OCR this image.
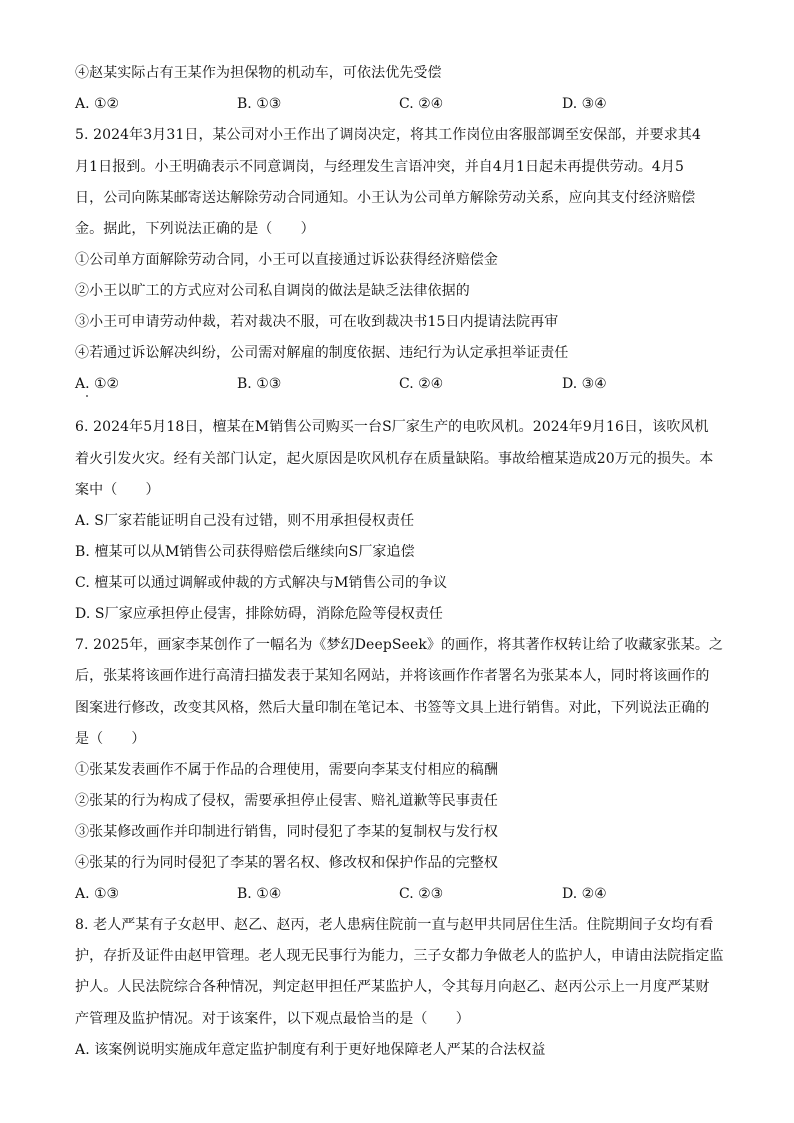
④赵某实际占有王某作为担保物的机动车，可依法优先受偿
A. ①②	B. ①③	C. ②④	D. ③④
5. 2024年3月31日，某公司对小王作出了调岗决定，将其工作岗位由客服部调至安保部，并要求其4
月1日报到。小王明确表示不同意调岗，与经理发生言语冲突，并自4月1日起未再提供劳动。4月5
日，公司向陈某邮寄送达解除劳动合同通知。小王认为公司单方解除劳动关系，应向其支付经济赔偿
金。据此，下列说法正确的是（　　）
①公司单方面解除劳动合同，小王可以直接通过诉讼获得经济赔偿金
②小王以旷工的方式应对公司私自调岗的做法是缺乏法律依据的
③小王可申请劳动仲裁，若对裁决不服，可在收到裁决书15日内提请法院再审
④若通过诉讼解决纠纷，公司需对解雇的制度依据、违纪行为认定承担举证责任
A. ①②	B. ①③	C. ②④	D. ③④
6. 2024年5月18日，檀某在M销售公司购买一台S厂家生产的电吹风机。2024年9月16日，该吹风机
着火引发火灾。经有关部门认定，起火原因是吹风机存在质量缺陷。事故给檀某造成20万元的损失。本
案中（　　）
A. S厂家若能证明自己没有过错，则不用承担侵权责任
B. 檀某可以从M销售公司获得赔偿后继续向S厂家追偿
C. 檀某可以通过调解或仲裁的方式解决与M销售公司的争议
D. S厂家应承担停止侵害，排除妨碍，消除危险等侵权责任
7. 2025年，画家李某创作了一幅名为《梦幻DeepSeek》的画作，将其著作权转让给了收藏家张某。之
后，张某将该画作进行高清扫描发表于某知名网站，并将该画作作者署名为张某本人，同时将该画作的
图案进行修改，改变其风格，然后大量印制在笔记本、书签等文具上进行销售。对此，下列说法正确的
是（　　）
①张某发表画作不属于作品的合理使用，需要向李某支付相应的稿酬
②张某的行为构成了侵权，需要承担停止侵害、赔礼道歉等民事责任
③张某修改画作并印制进行销售，同时侵犯了李某的复制权与发行权
④张某的行为同时侵犯了李某的署名权、修改权和保护作品的完整权
A. ①③	B. ①④	C. ②③	D. ②④
8. 老人严某有子女赵甲、赵乙、赵丙，老人患病住院前一直与赵甲共同居住生活。住院期间子女均有看
护，存折及证件由赵甲管理。老人现无民事行为能力，三子女都力争做老人的监护人，申请由法院指定监
护人。人民法院综合各种情况，判定赵甲担任严某监护人，令其每月向赵乙、赵丙公示上一月度严某财
产管理及监护情况。对于该案件，以下观点最恰当的是（　　）
A. 该案例说明实施成年意定监护制度有利于更好地保障老人严某的合法权益
